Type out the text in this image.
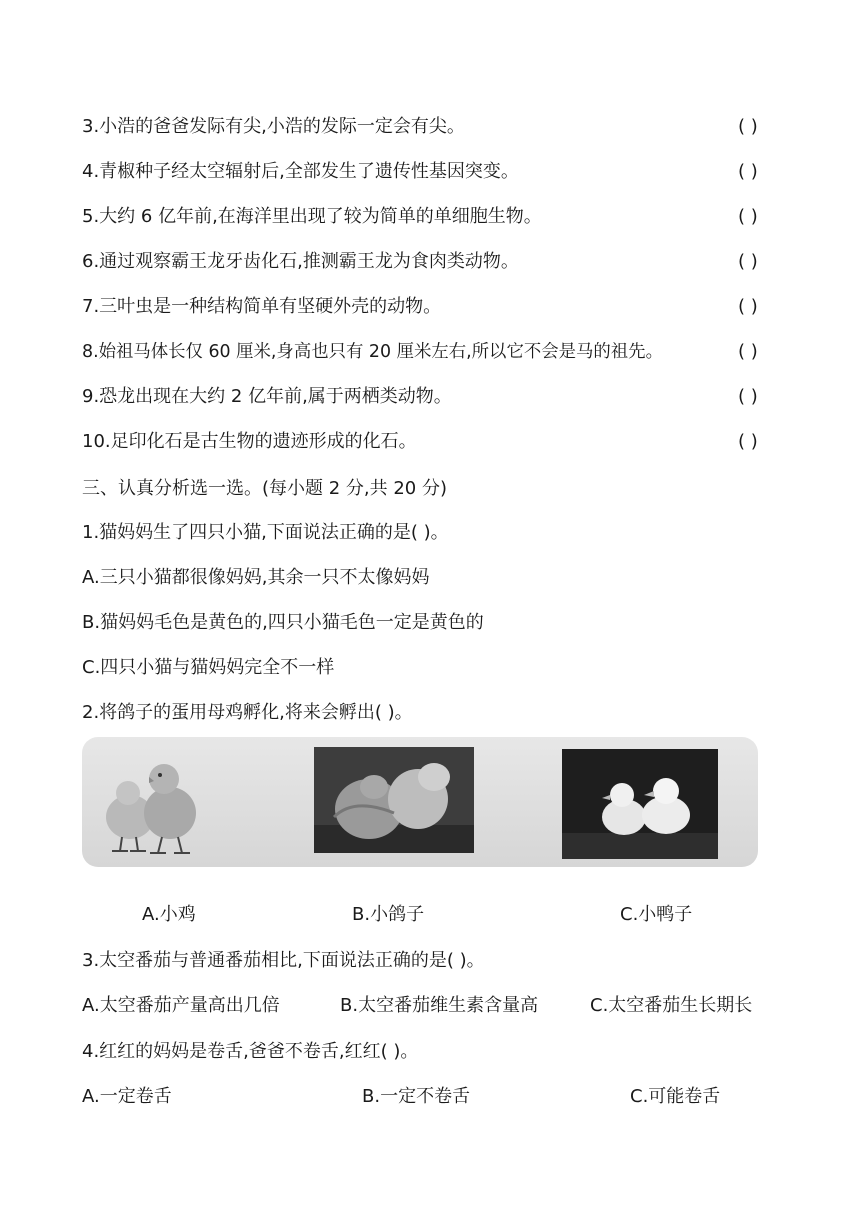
3.小浩的爸爸发际有尖,小浩的发际一定会有尖。	( )
4.青椒种子经太空辐射后,全部发生了遗传性基因突变。	( )
5.大约 6 亿年前,在海洋里出现了较为简单的单细胞生物。	( )
6.通过观察霸王龙牙齿化石,推测霸王龙为食肉类动物。	( )
7.三叶虫是一种结构简单有坚硬外壳的动物。	( )
8.始祖马体长仅 60 厘米,身高也只有 20 厘米左右,所以它不会是马的祖先。	( )
9.恐龙出现在大约 2 亿年前,属于两栖类动物。	( )
10.足印化石是古生物的遗迹形成的化石。	( )
三、认真分析选一选。(每小题 2 分,共 20 分)
1.猫妈妈生了四只小猫,下面说法正确的是( )。
A.三只小猫都很像妈妈,其余一只不太像妈妈
B.猫妈妈毛色是黄色的,四只小猫毛色一定是黄色的
C.四只小猫与猫妈妈完全不一样
2.将鸽子的蛋用母鸡孵化,将来会孵出( )。
A.小鸡	B.小鸽子	C.小鸭子
3.太空番茄与普通番茄相比,下面说法正确的是( )。
A.太空番茄产量高出几倍	B.太空番茄维生素含量高	C.太空番茄生长期长
4.红红的妈妈是卷舌,爸爸不卷舌,红红( )。
A.一定卷舌	B.一定不卷舌	C.可能卷舌
